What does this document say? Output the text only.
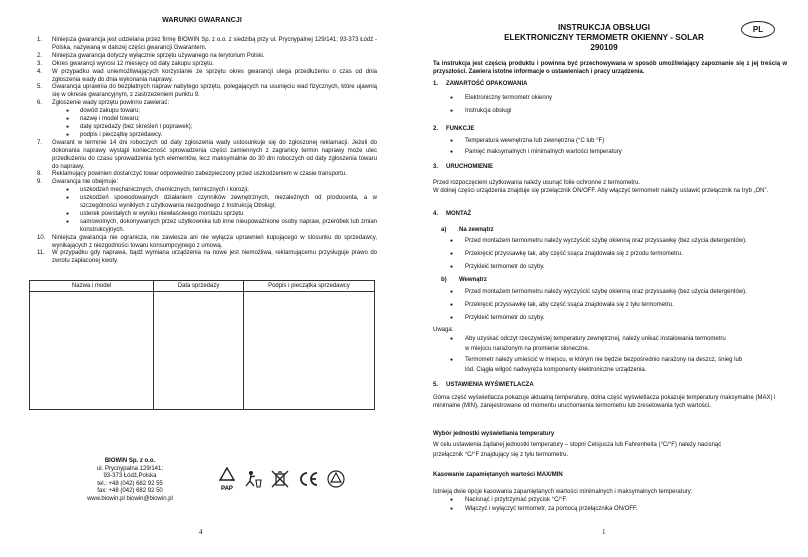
WARUNKI GWARANCJI
1. Niniejsza gwarancja jest udzielana przez firmę BIOWIN Sp. z o.o. z siedzibą przy ul. Prycnypalnej 129/141; 93-373 Łódź - Polska, nazywaną w dalszej części gwarancji Gwarantem.
2. Niniejsza gwarancja dotyczy wyłącznie sprzętu używanego na terytorium Polski.
3. Okres gwarancji wynosi 12 miesięcy od daty zakupu sprzętu.
4. W przypadku wad uniemożliwiających korzystanie ze sprzętu okres gwarancji ulega przedłużeniu o czas od dnia zgłoszenia wady do dnia wykonania naprawy.
5. Gwarancja uprawnia do bezpłatnych napraw nabytego sprzętu, polegających na usunięciu wad fizycznych, które ujawnią się w okresie gwarancyjnym, z zastrzeżeniem punktu 9.
6. Zgłoszenie wady sprzętu powinno zawierać:
● dowód zakupu towaru;
● nazwę i model towaru;
● datę sprzedaży (bez skreśleń i poprawek);
● podpis i pieczątkę sprzedawcy.
7. Gwarant w terminie 14 dni roboczych od daty zgłoszenia wady ustosunkuje się do zgłoszonej reklamacji. Jeżeli do dokonania naprawy wystąpi konieczność sprowadzenia części zamiennych z zagranicy termin naprawy może ulec przedłużeniu do czasu sprowadzenia tych elementów, lecz maksymalnie do 30 dni roboczych od daty zgłoszenia towaru do naprawy.
8. Reklamujący powinien dostarczyć towar odpowiednio zabezpieczony przed uszkodzeniem w czasie transportu.
9. Gwarancja nie obejmuje:
● uszkodzeń mechanicznych, chemicznych, termicznych i korozji;
● uszkodzeń spowodowanych działaniem czynników zewnętrznych, niezależnych od producenta, a w szczególności wynikłych z użytkowania niezgodnego z Instrukcją Obsługi;
● usterek powstałych w wyniku niewłaściwego montażu sprzętu
● samowolnych, dokonywanych przez użytkownika lub inne nieupoważnione osoby napraw, przeróbek lub zmian konstrukcyjnych.
10. Niniejsza gwarancja nie ogranicza, nie zawiesza ani nie wyłącza uprawnień kupującego w stosunku do sprzedawcy, wynikających z niezgodności towaru konsumpcyjnego z umową.
11. W przypadku gdy naprawa, bądź wymiana urządzenia na nowe jest niemożliwa, reklamującemu przysługuje prawo do zwrotu zapłaconej kwoty.
Nazwa i model	Data sprzedaży	Podpis i pieczątka sprzedawcy

BIOWIN Sp. z o.o.
ul. Prycnypalna 129/141;
93-373 Łódź,Polska
tel.: +48 (042) 682 92 55
fax: +48 (042) 682 92 50
www.biowin.pl biowin@biowin.pl
PAP
4
INSTRUKCJA OBSŁUGI
ELEKTRONICZNY TERMOMETR OKIENNY - SOLAR
290109
PL
Ta instrukcja jest częścią produktu i powinna być przechowywana w sposób umożliwiający zapoznanie się z jej treścią w przyszłości. Zawiera istotne informacje o ustawieniach i pracy urządzenia.
1. ZAWARTOŚĆ OPAKOWANIA
● Elektroniczny termometr okienny
● Instrukcja obsługi
2. FUNKCJE
● Temperatura wewnętrzna lub zewnętrzna (°C lub °F)
● Pamięć maksymalnych i minimalnych wartości temperatury
3. URUCHOMIENIE
Przed rozpoczęciem użytkowania należy usunąć folie ochronne z termometru.
W dolnej części urządzenia znajduje się przełącznik ON/OFF. Aby włączyć termometr należy ustawić przełącznik na tryb „ON”.
4. MONTAŻ
a) Na zewnątrz
● Przed montażem termometru należy wyczyścić szybę okienną oraz przyssawkę (bez użycia detergentów).
● Przekręcić przyssawkę tak, aby część ssąca znajdowała się z przodu termometru.
● Przykleić termometr do szyby.
b) Wewnątrz
● Przed montażem termometru należy wyczyścić szybę okienną oraz przyssawkę (bez użycia detergentów).
● Przekręcić przyssawkę tak, aby część ssąca znajdowała się z tyłu termometru.
● Przykleić termometr do szyby.
Uwaga:
● Aby uzyskać odczyt rzeczywistej temperatury zewnętrznej, należy unikać instalowania termometru
w miejscu narażonym na promienie słoneczne.
● Termometr należy umieścić w miejscu, w którym nie będzie bezpośrednio narażony na deszcz, śnieg lub
lód. Ciągła wilgoć nadwyręża komponenty elektroniczne urządzenia.
5. USTAWIENIA WYŚWIETLACZA
Górna część wyświetlacza pokazuje aktualną temperaturę, dolna część wyświetlacza pokazuje temperatury maksymalne (MAX) i minimalne (MIN), zarejestrowane od momentu uruchomienia termometru lub zresetowania tych wartości.
Wybór jednostki wyświetlania temperatury
W celu ustawienia żądanej jednostki temperatury – stopni Celsjusza lub Fahrenheita (°C/°F) należy nacisnąć
przełącznik °C/°F znajdujący się z tyłu termometru.
Kasowanie zapamiętanych wartości MAX/MIN
Istnieją dwie opcje kasowania zapamiętanych wartości minimalnych i maksymalnych temperatury:
● Nacisnąć i przytrzymać przycisk °C/°F.
● Włączyć i wyłączyć termometr, za pomocą przełącznika ON/OFF.
1
